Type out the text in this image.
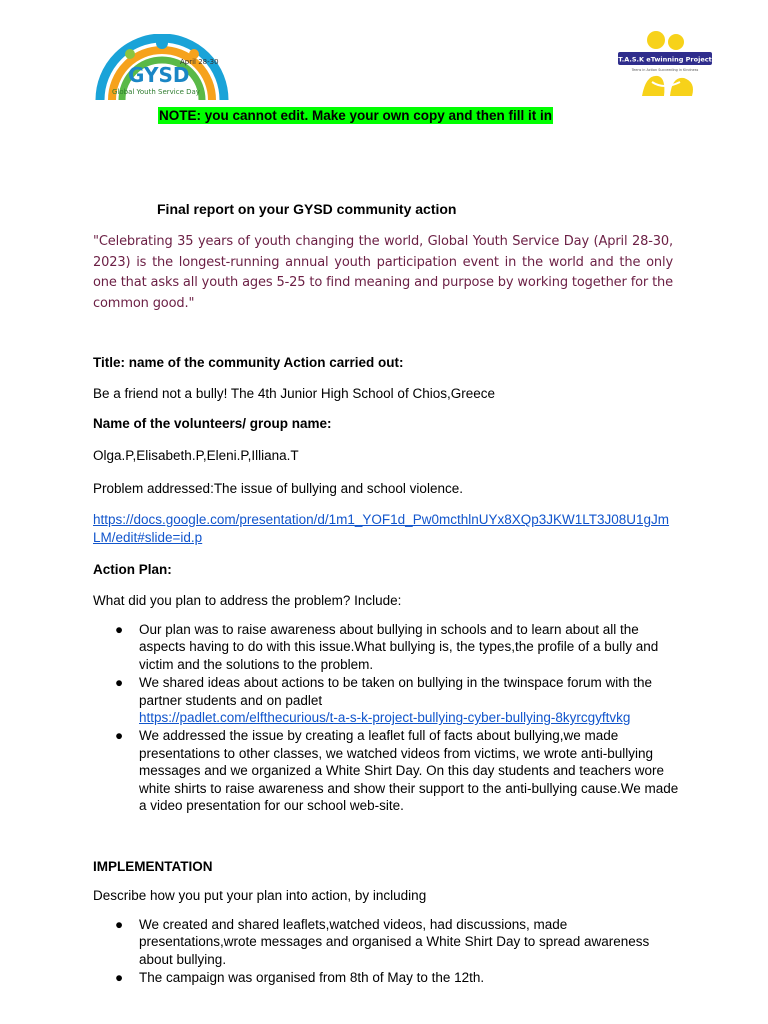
April 28-30
GYSD
Global Youth Service Day
T.A.S.K eTwinning Project
Teens in Action Succeeding in Kindness
NOTE: you cannot edit. Make your own copy and then fill it in
Final report on your GYSD community action
"Celebrating 35 years of youth changing the world, Global Youth Service Day (April 28-30, 2023) is the longest-running annual youth participation event in the world and the only one that asks all youth ages 5-25 to find meaning and purpose by working together for the common good."
Title: name of the community Action carried out:
Be a friend not a bully! The 4th Junior High School of Chios,Greece
Name of the volunteers/ group name:
Olga.P,Elisabeth.P,Eleni.P,Illiana.T
Problem addressed:The issue of bullying and school violence.
https://docs.google.com/presentation/d/1m1_YOF1d_Pw0mcthlnUYx8XQp3JKW1LT3J08U1gJmLM/edit#slide=id.p
Action Plan:
What did you plan to address the problem? Include:
● Our plan was to raise awareness about bullying in schools and to learn about all the aspects having to do with this issue.What bullying is, the types,the profile of a bully and victim and the solutions to the problem.
● We shared ideas about actions to be taken on bullying in the twinspace forum with the partner students and on padlet
https://padlet.com/elfthecurious/t-a-s-k-project-bullying-cyber-bullying-8kyrcgyftvkg
● We addressed the issue by creating a leaflet full of facts about bullying,we made presentations to other classes, we watched videos from victims, we wrote anti-bullying messages and we organized a White Shirt Day. On this day students and teachers wore white shirts to raise awareness and show their support to the anti-bullying cause.We made a video presentation for our school web-site.
IMPLEMENTATION
Describe how you put your plan into action, by including
● We created and shared leaflets,watched videos, had discussions, made presentations,wrote messages and organised a White Shirt Day to spread awareness about bullying.
● The campaign was organised from 8th of May to the 12th.
